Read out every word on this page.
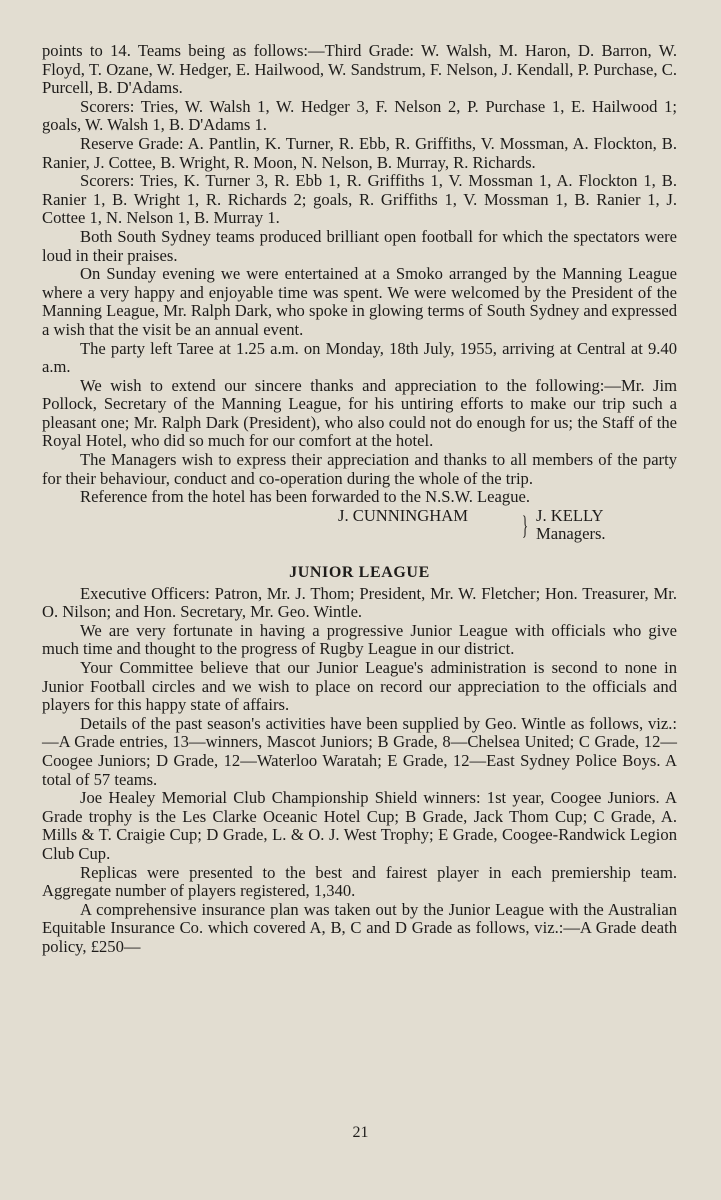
points to 14. Teams being as follows:—Third Grade: W. Walsh, M. Haron, D. Barron, W. Floyd, T. Ozane, W. Hedger, E. Hailwood, W. Sandstrum, F. Nelson, J. Kendall, P. Purchase, C. Purcell, B. D'Adams.

Scorers: Tries, W. Walsh 1, W. Hedger 3, F. Nelson 2, P. Purchase 1, E. Hailwood 1; goals, W. Walsh 1, B. D'Adams 1.

Reserve Grade: A. Pantlin, K. Turner, R. Ebb, R. Griffiths, V. Mossman, A. Flockton, B. Ranier, J. Cottee, B. Wright, R. Moon, N. Nelson, B. Murray, R. Richards.

Scorers: Tries, K. Turner 3, R. Ebb 1, R. Griffiths 1, V. Mossman 1, A. Flockton 1, B. Ranier 1, B. Wright 1, R. Richards 2; goals, R. Griffiths 1, V. Mossman 1, B. Ranier 1, J. Cottee 1, N. Nelson 1, B. Murray 1.

Both South Sydney teams produced brilliant open football for which the spectators were loud in their praises.

On Sunday evening we were entertained at a Smoko arranged by the Manning League where a very happy and enjoyable time was spent. We were welcomed by the President of the Manning League, Mr. Ralph Dark, who spoke in glowing terms of South Sydney and expressed a wish that the visit be an annual event.

The party left Taree at 1.25 a.m. on Monday, 18th July, 1955, arriving at Central at 9.40 a.m.

We wish to extend our sincere thanks and appreciation to the following:—Mr. Jim Pollock, Secretary of the Manning League, for his untiring efforts to make our trip such a pleasant one; Mr. Ralph Dark (President), who also could not do enough for us; the Staff of the Royal Hotel, who did so much for our comfort at the hotel.

The Managers wish to express their appreciation and thanks to all members of the party for their behaviour, conduct and co-operation during the whole of the trip.

Reference from the hotel has been forwarded to the N.S.W. League.

J. CUNNINGHAM	} J. KELLY
Managers.
JUNIOR LEAGUE

Executive Officers: Patron, Mr. J. Thom; President, Mr. W. Fletcher; Hon. Treasurer, Mr. O. Nilson; and Hon. Secretary, Mr. Geo. Wintle.

We are very fortunate in having a progressive Junior League with officials who give much time and thought to the progress of Rugby League in our district.

Your Committee believe that our Junior League's administration is second to none in Junior Football circles and we wish to place on record our appreciation to the officials and players for this happy state of affairs.

Details of the past season's activities have been supplied by Geo. Wintle as follows, viz.:—A Grade entries, 13—winners, Mascot Juniors; B Grade, 8—Chelsea United; C Grade, 12—Coogee Juniors; D Grade, 12—Waterloo Waratah; E Grade, 12—East Sydney Police Boys. A total of 57 teams.

Joe Healey Memorial Club Championship Shield winners: 1st year, Coogee Juniors. A Grade trophy is the Les Clarke Oceanic Hotel Cup; B Grade, Jack Thom Cup; C Grade, A. Mills & T. Craigie Cup; D Grade, L. & O. J. West Trophy; E Grade, Coogee-Randwick Legion Club Cup.

Replicas were presented to the best and fairest player in each premiership team. Aggregate number of players registered, 1,340.

A comprehensive insurance plan was taken out by the Junior League with the Australian Equitable Insurance Co. which covered A, B, C and D Grade as follows, viz.:—A Grade death policy, £250—

21
